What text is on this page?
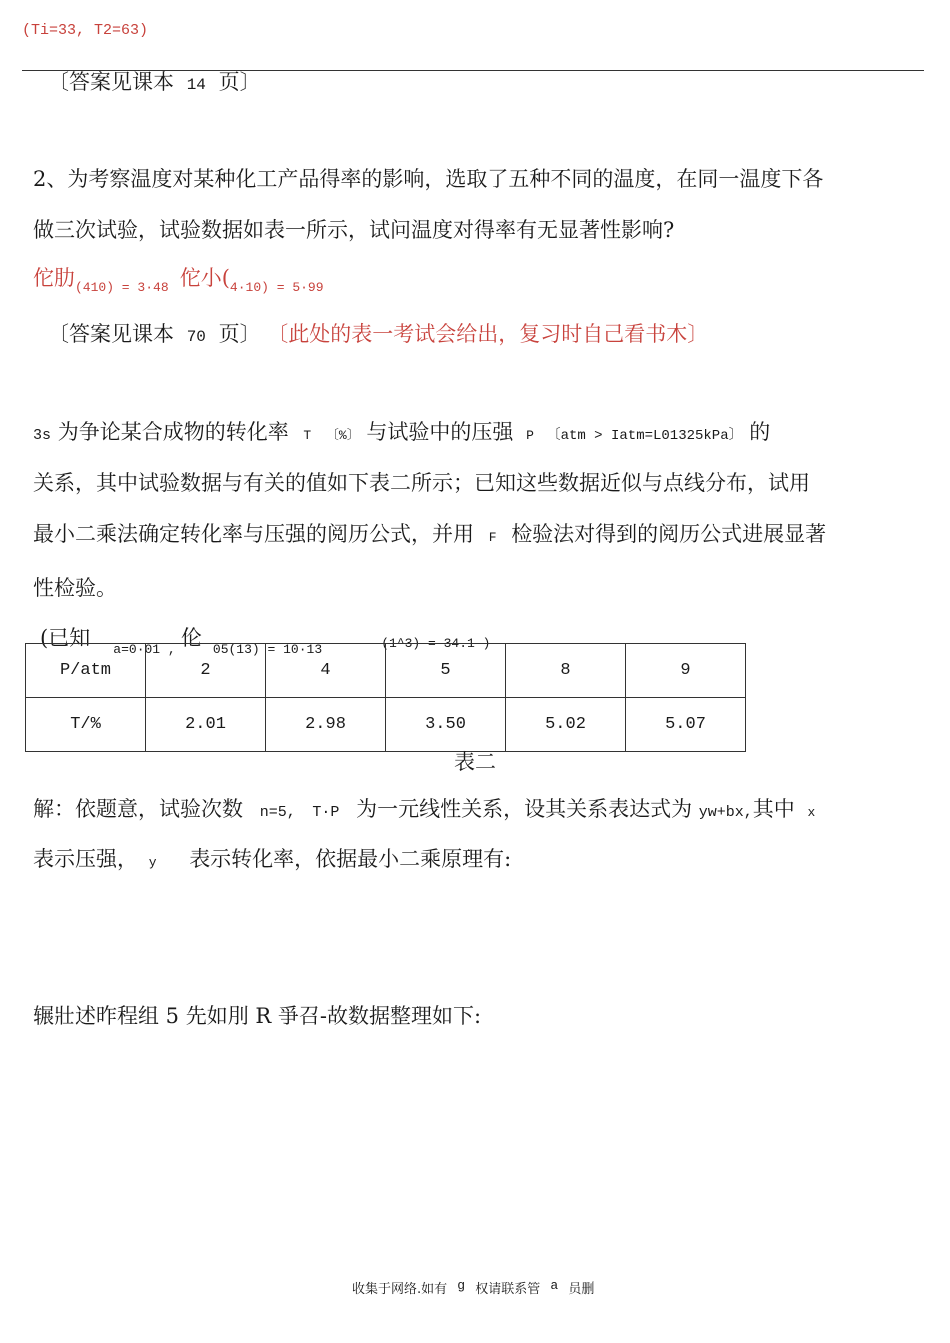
(Ti=33, T2=63)
〔答案见课本 14 页〕
2、为考察温度对某种化工产品得率的影响，选取了五种不同的温度，在同一温度下各
做三次试验，试验数据如表一所示，试问温度对得率有无显著性影响?
佗肋$_{(410) = 3\cdot 48}$ 佗小($_{4\cdot 10) = 5\cdot 99}$
〔答案见课本 70 页〕 〔此处的表一考试会给出，复习时自己看书木〕
3s 为争论某合成物的转化率 T 〔%〕 与试验中的压强 P 〔atm > Iatm=L01325kPa〕 的
关系，其中试验数据与有关的值如下表二所示；已知这些数据近似与点线分布，试用
最小二乘法确定转化率与压强的阅历公式，并用 F 检验法对得到的阅历公式进展显著
性检验。
(已知 $_{a=0\cdot 01 ,}$ 伦 $_{05(13) = 10\cdot 13}$	(1^3) = 34.1 )
P/atm	2	4	5	8	9
T/%	2.01	2.98	3.50	5.02	5.07
表二
解：依题意，试验次数 n=5, T·P 为一元线性关系，设其关系表达式为 yw+bx,其中 x
表示压强， y 表示转化率，依据最小二乘原理有:
辗壯述昨程组 5 先如刖 R 爭召-故数据整理如下:
收集于网络.如有 g 权请联系管 a 员删
